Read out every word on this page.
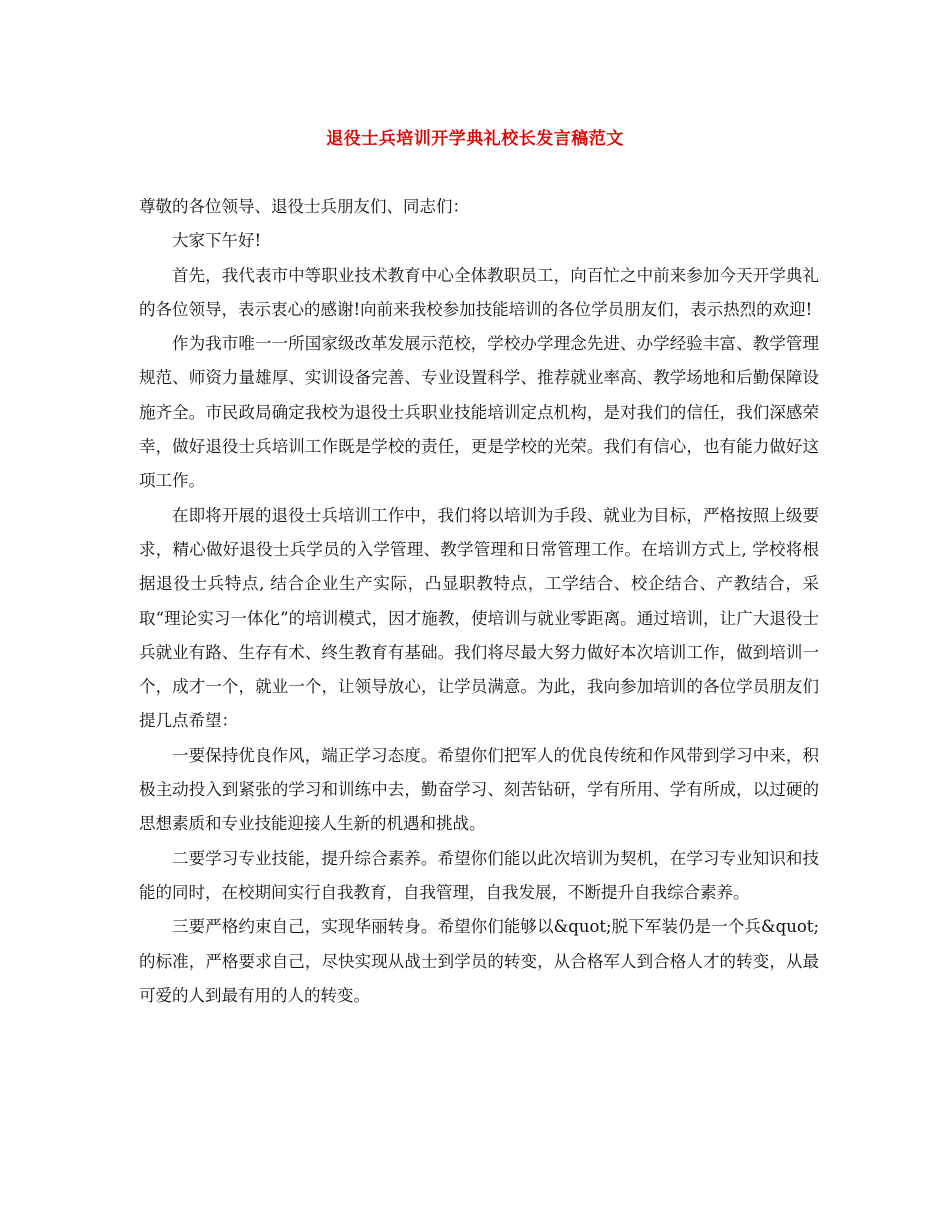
退役士兵培训开学典礼校长发言稿范文

尊敬的各位领导、退役士兵朋友们、同志们：

大家下午好!

首先，我代表市中等职业技术教育中心全体教职员工，向百忙之中前来参加今天开学典礼的各位领导，表示衷心的感谢!向前来我校参加技能培训的各位学员朋友们，表示热烈的欢迎!

作为我市唯一一所国家级改革发展示范校，学校办学理念先进、办学经验丰富、教学管理规范、师资力量雄厚、实训设备完善、专业设置科学、推荐就业率高、教学场地和后勤保障设施齐全。市民政局确定我校为退役士兵职业技能培训定点机构，是对我们的信任，我们深感荣幸，做好退役士兵培训工作既是学校的责任，更是学校的光荣。我们有信心，也有能力做好这项工作。

在即将开展的退役士兵培训工作中，我们将以培训为手段、就业为目标，严格按照上级要求，精心做好退役士兵学员的入学管理、教学管理和日常管理工作。在培训方式上, 学校将根据退役士兵特点, 结合企业生产实际，凸显职教特点，工学结合、校企结合、产教结合，采取“理论实习一体化”的培训模式，因才施教，使培训与就业零距离。通过培训，让广大退役士兵就业有路、生存有术、终生教育有基础。我们将尽最大努力做好本次培训工作，做到培训一个，成才一个，就业一个，让领导放心，让学员满意。为此，我向参加培训的各位学员朋友们提几点希望：

一要保持优良作风，端正学习态度。希望你们把军人的优良传统和作风带到学习中来，积极主动投入到紧张的学习和训练中去，勤奋学习、刻苦钻研，学有所用、学有所成，以过硬的思想素质和专业技能迎接人生新的机遇和挑战。

二要学习专业技能，提升综合素养。希望你们能以此次培训为契机，在学习专业知识和技能的同时，在校期间实行自我教育，自我管理，自我发展，不断提升自我综合素养。

三要严格约束自己，实现华丽转身。希望你们能够以&quot;脱下军装仍是一个兵&quot;的标准，严格要求自己，尽快实现从战士到学员的转变，从合格军人到合格人才的转变，从最可爱的人到最有用的人的转变。
